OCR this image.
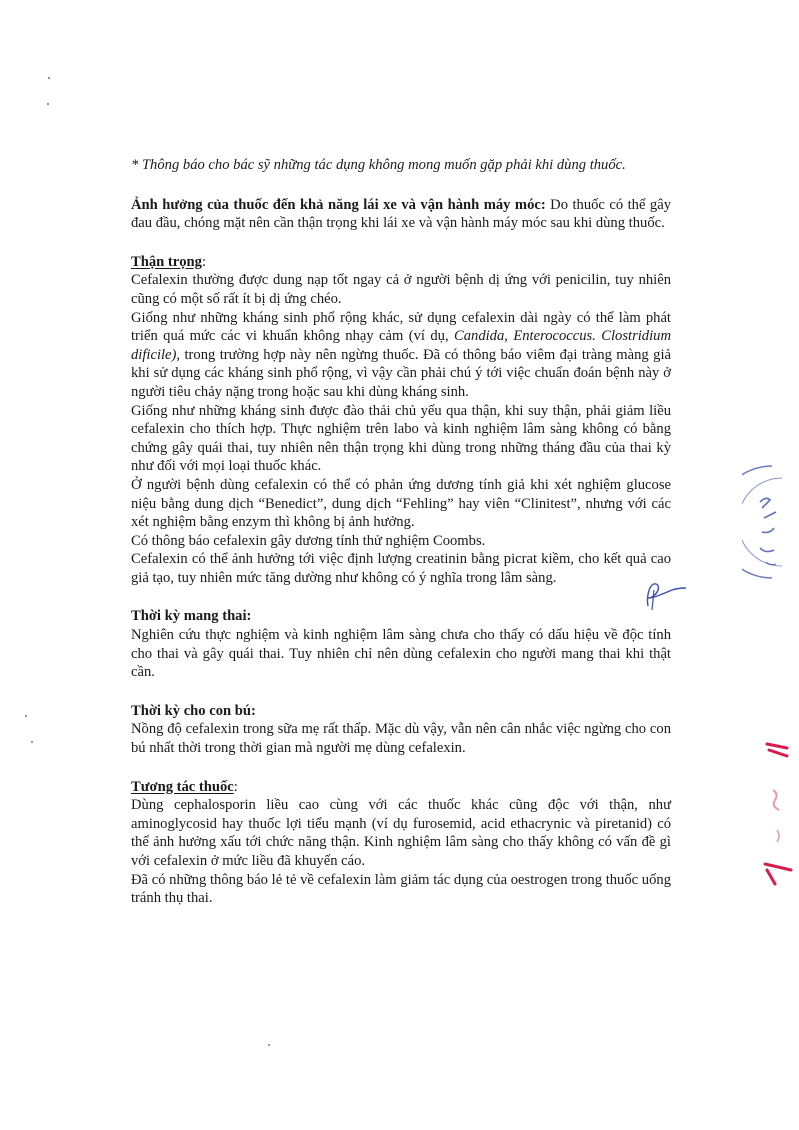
* Thông báo cho bác sỹ những tác dụng không mong muốn gặp phải khi dùng thuốc.

Ảnh hưởng của thuốc đến khả năng lái xe và vận hành máy móc: Do thuốc có thể gây đau đầu, chóng mặt nên cần thận trọng khi lái xe và vận hành máy móc sau khi dùng thuốc.

Thận trọng:

Cefalexin thường được dung nạp tốt ngay cả ở người bệnh dị ứng với penicilin, tuy nhiên cũng có một số rất ít bị dị ứng chéo.

Giống như những kháng sinh phổ rộng khác, sử dụng cefalexin dài ngày có thể làm phát triển quá mức các vi khuẩn không nhạy cảm (ví dụ, Candida, Enterococcus. Clostridium dificile), trong trường hợp này nên ngừng thuốc. Đã có thông báo viêm đại tràng màng giả khi sử dụng các kháng sinh phổ rộng, vì vậy cần phải chú ý tới việc chuẩn đoán bệnh này ở người tiêu chảy nặng trong hoặc sau khi dùng kháng sinh.

Giống như những kháng sinh được đào thải chủ yếu qua thận, khi suy thận, phải giảm liều cefalexin cho thích hợp. Thực nghiệm trên labo và kinh nghiệm lâm sàng không có bằng chứng gây quái thai, tuy nhiên nên thận trọng khi dùng trong những tháng đầu của thai kỳ như đối với mọi loại thuốc khác.

Ở người bệnh dùng cefalexin có thể có phản ứng dương tính giả khi xét nghiệm glucose niệu bằng dung dịch “Benedict”, dung dịch “Fehling” hay viên “Clinitest”, nhưng với các xét nghiệm bằng enzym thì không bị ảnh hưởng.

Có thông báo cefalexin gây dương tính thử nghiệm Coombs.

Cefalexin có thể ảnh hưởng tới việc định lượng creatinin bằng picrat kiềm, cho kết quả cao giả tạo, tuy nhiên mức tăng dường như không có ý nghĩa trong lâm sàng.

Thời kỳ mang thai:

Nghiên cứu thực nghiệm và kinh nghiệm lâm sàng chưa cho thấy có dấu hiệu về độc tính cho thai và gây quái thai. Tuy nhiên chỉ nên dùng cefalexin cho người mang thai khi thật cần.

Thời kỳ cho con bú:

Nồng độ cefalexin trong sữa mẹ rất thấp. Mặc dù vậy, vẫn nên cân nhắc việc ngừng cho con bú nhất thời trong thời gian mà người mẹ dùng cefalexin.

Tương tác thuốc:

Dùng cephalosporin liều cao cùng với các thuốc khác cũng độc với thận, như aminoglycosid hay thuốc lợi tiểu mạnh (ví dụ furosemid, acid ethacrynic và piretanid) có thể ảnh hưởng xấu tới chức năng thận. Kinh nghiệm lâm sàng cho thấy không có vấn đề gì với cefalexin ở mức liều đã khuyến cáo.

Đã có những thông báo lẻ tẻ về cefalexin làm giảm tác dụng của oestrogen trong thuốc uống tránh thụ thai.
